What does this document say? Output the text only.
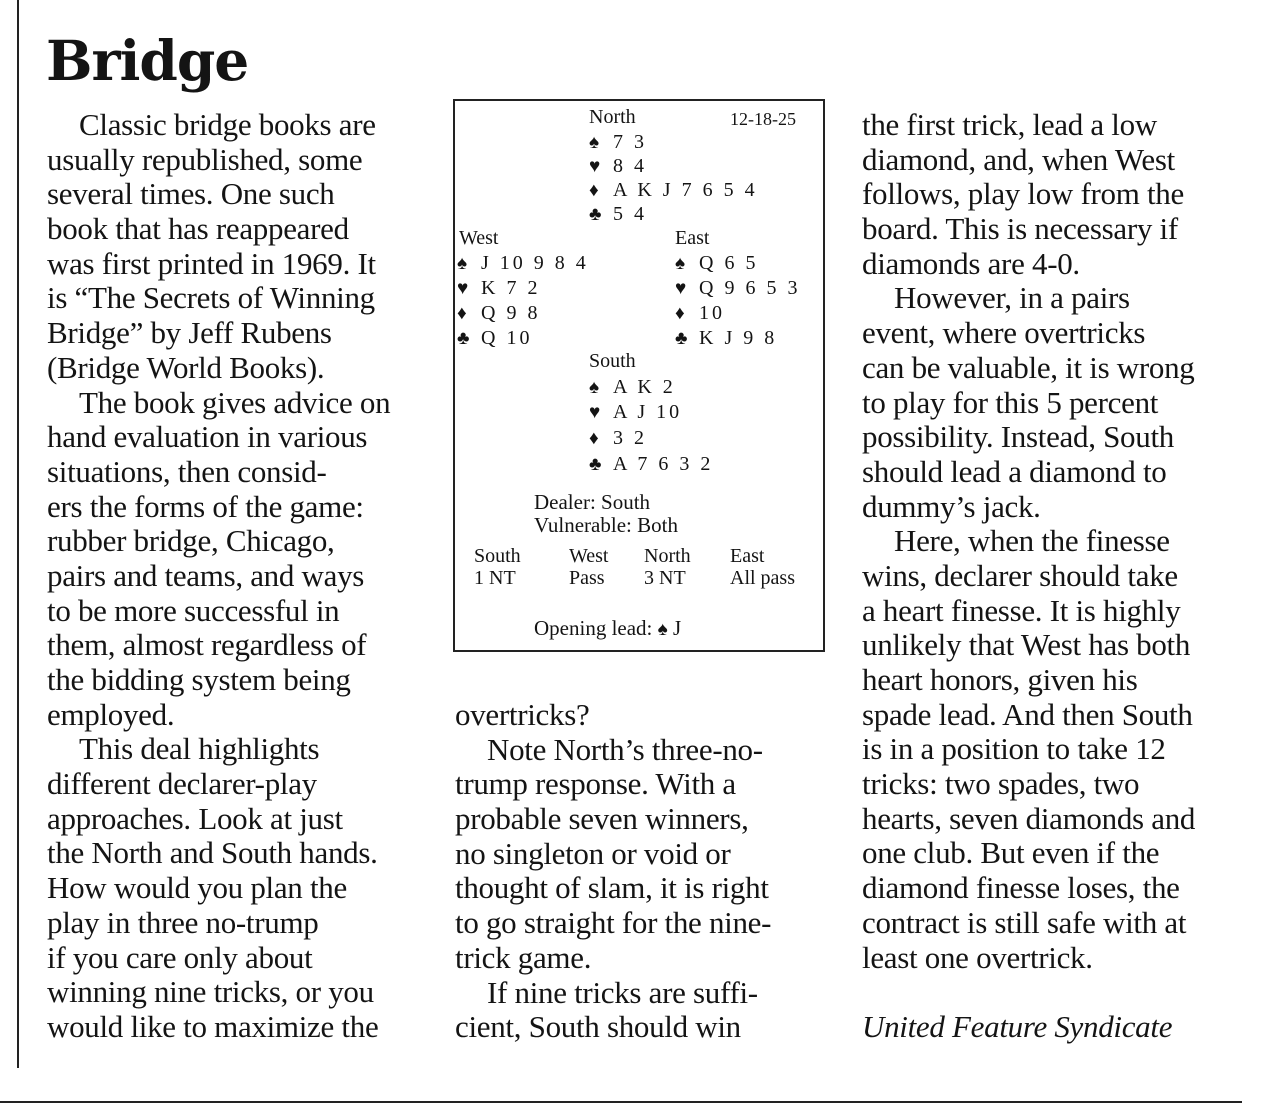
Bridge
Classic bridge books are
usually republished, some
several times. One such
book that has reappeared
was first printed in 1969. It
is “The Secrets of Winning
Bridge” by Jeff Rubens
(Bridge World Books).
The book gives advice on
hand evaluation in various
situations, then consid-
ers the forms of the game:
rubber bridge, Chicago,
pairs and teams, and ways
to be more successful in
them, almost regardless of
the bidding system being
employed.
This deal highlights
different declarer-play
approaches. Look at just
the North and South hands.
How would you plan the
play in three no-trump
if you care only about
winning nine tricks, or you
would like to maximize the
North	12-18-25
♠ 7 3
♥ 8 4
♦ A K J 7 6 5 4
♣ 5 4
West	East
♠ J 10 9 8 4
♥ K 7 2
♦ Q 9 8
♣ Q 10
♠ Q 6 5
♥ Q 9 6 5 3
♦ 10
♣ K J 9 8
South
♠ A K 2
♥ A J 10
♦ 3 2
♣ A 7 6 3 2
Dealer: South
Vulnerable: Both
South
1 NT
West
Pass
North
3 NT
East
All pass
Opening lead: ♠ J
overtricks?
Note North’s three-no-
trump response. With a
probable seven winners,
no singleton or void or
thought of slam, it is right
to go straight for the nine-
trick game.
If nine tricks are suffi-
cient, South should win
the first trick, lead a low
diamond, and, when West
follows, play low from the
board. This is necessary if
diamonds are 4-0.
However, in a pairs
event, where overtricks
can be valuable, it is wrong
to play for this 5 percent
possibility. Instead, South
should lead a diamond to
dummy’s jack.
Here, when the finesse
wins, declarer should take
a heart finesse. It is highly
unlikely that West has both
heart honors, given his
spade lead. And then South
is in a position to take 12
tricks: two spades, two
hearts, seven diamonds and
one club. But even if the
diamond finesse loses, the
contract is still safe with at
least one overtrick.
United Feature Syndicate
